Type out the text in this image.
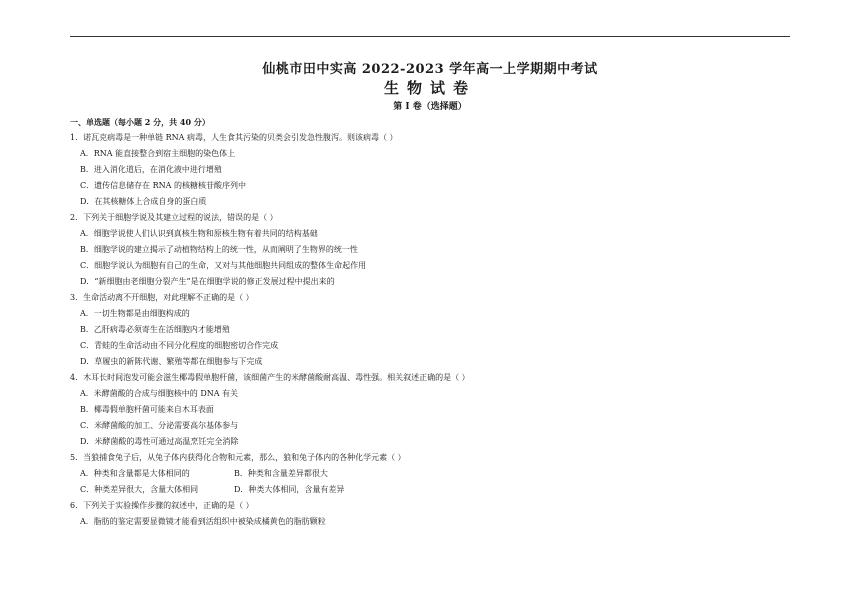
仙桃市田中实高 2022-2023 学年高一上学期期中考试
生物试卷
第 I 卷（选择题）
一、单选题（每小题 2 分，共 40 分）
1．诺瓦克病毒是一种单链 RNA 病毒，人生食其污染的贝类会引发急性腹泻。则该病毒（ ）
A．RNA 能直接整合到宿主细胞的染色体上
B．进入消化道后，在消化液中进行增殖
C．遗传信息储存在 RNA 的核糖核苷酸序列中
D．在其核糖体上合成自身的蛋白质
2．下列关于细胞学说及其建立过程的说法，错误的是（ ）
A．细胞学说使人们认识到真核生物和原核生物有着共同的结构基础
B．细胞学说的建立揭示了动植物结构上的统一性，从而阐明了生物界的统一性
C．细胞学说认为细胞有自己的生命，又对与其他细胞共同组成的整体生命起作用
D．“新细胞由老细胞分裂产生”是在细胞学说的修正发展过程中提出来的
3．生命活动离不开细胞，对此理解不正确的是（ ）
A．一切生物都是由细胞构成的
B．乙肝病毒必须寄生在活细胞内才能增殖
C．青蛙的生命活动由不同分化程度的细胞密切合作完成
D．草履虫的新陈代谢、繁殖等都在细胞参与下完成
4．木耳长时间泡发可能会滋生椰毒假单胞杆菌，该细菌产生的米酵菌酸耐高温、毒性强。相关叙述正确的是（ ）
A．米酵菌酸的合成与细胞核中的 DNA 有关
B．椰毒假单胞杆菌可能来自木耳表面
C．米酵菌酸的加工、分泌需要高尔基体参与
D．米酵菌酸的毒性可通过高温烹饪完全消除
5．当狼捕食兔子后，从兔子体内获得化合物和元素，那么，狼和兔子体内的各种化学元素（ ）
A．种类和含量都是大体相同的	B．种类和含量差异都很大
C．种类差异很大，含量大体相同	D．种类大体相同，含量有差异
6．下列关于实验操作步骤的叙述中，正确的是（ ）
A．脂肪的鉴定需要显微镜才能看到活组织中被染成橘黄色的脂肪颗粒
